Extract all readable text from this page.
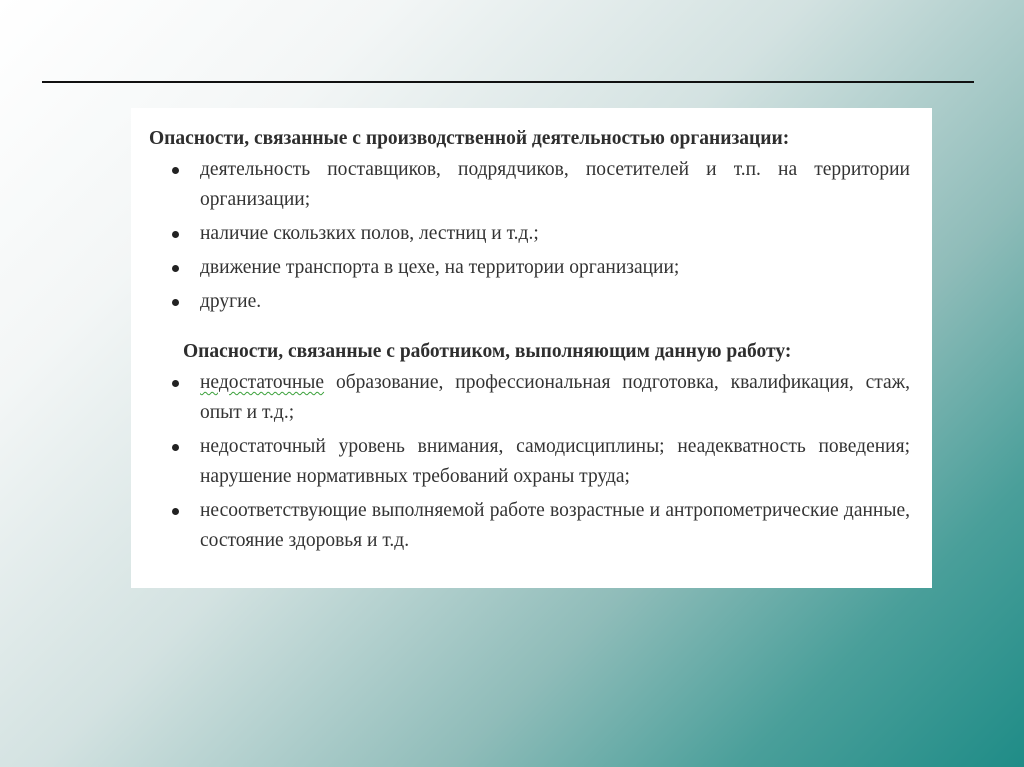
Опасности, связанные с производственной деятельностью организации:

деятельность поставщиков, подрядчиков, посетителей и т.п. на территории организации;
наличие скользких полов, лестниц и т.д.;
движение транспорта в цехе, на территории организации;
другие.

Опасности, связанные с работником, выполняющим данную работу:

недостаточные образование, профессиональная подготовка, квалификация, стаж, опыт и т.д.;
недостаточный уровень внимания, самодисциплины; неадекватность поведения; нарушение нормативных требований охраны труда;
несоответствующие выполняемой работе возрастные и антропометрические данные, состояние здоровья и т.д.
